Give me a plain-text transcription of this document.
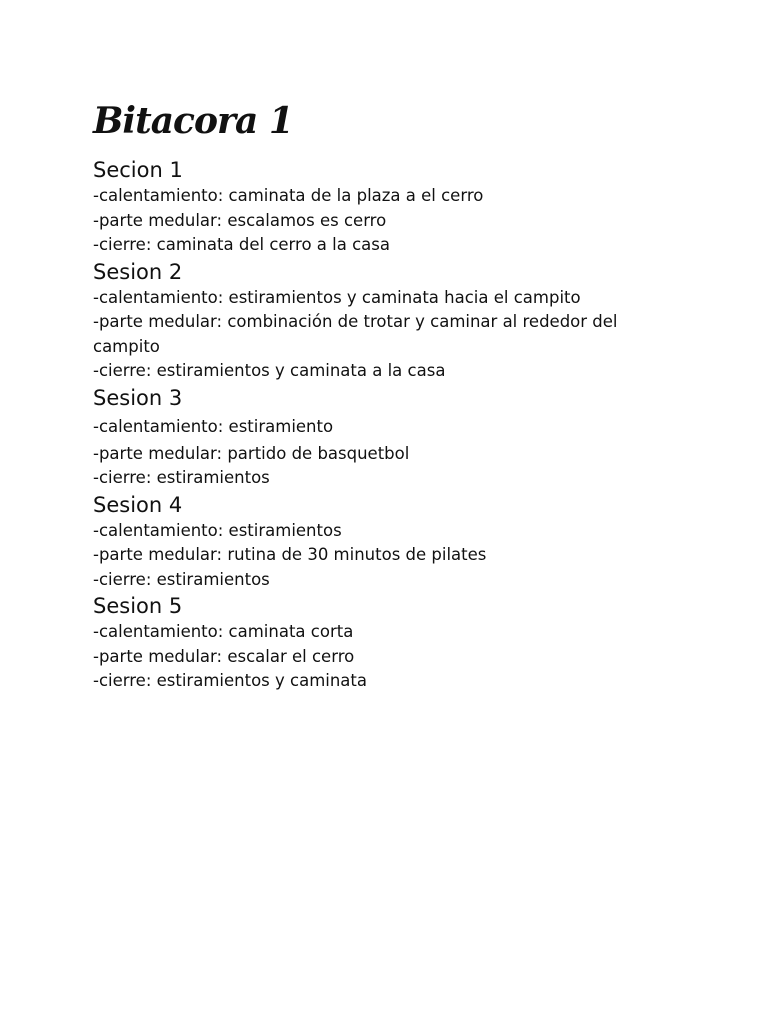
Bitacora 1
Secion 1

-calentamiento: caminata de la plaza a el cerro

-parte medular: escalamos es cerro

-cierre: caminata del cerro a la casa

Sesion 2

-calentamiento: estiramientos y caminata hacia el campito

-parte medular: combinación de trotar y caminar al rededor del campito

-cierre: estiramientos y caminata a la casa

Sesion 3

-calentamiento: estiramiento

-parte medular: partido de basquetbol

-cierre: estiramientos

Sesion 4

-calentamiento: estiramientos

-parte medular: rutina de 30 minutos de pilates

-cierre: estiramientos

Sesion 5

-calentamiento: caminata corta

-parte medular: escalar el cerro

-cierre: estiramientos y caminata
